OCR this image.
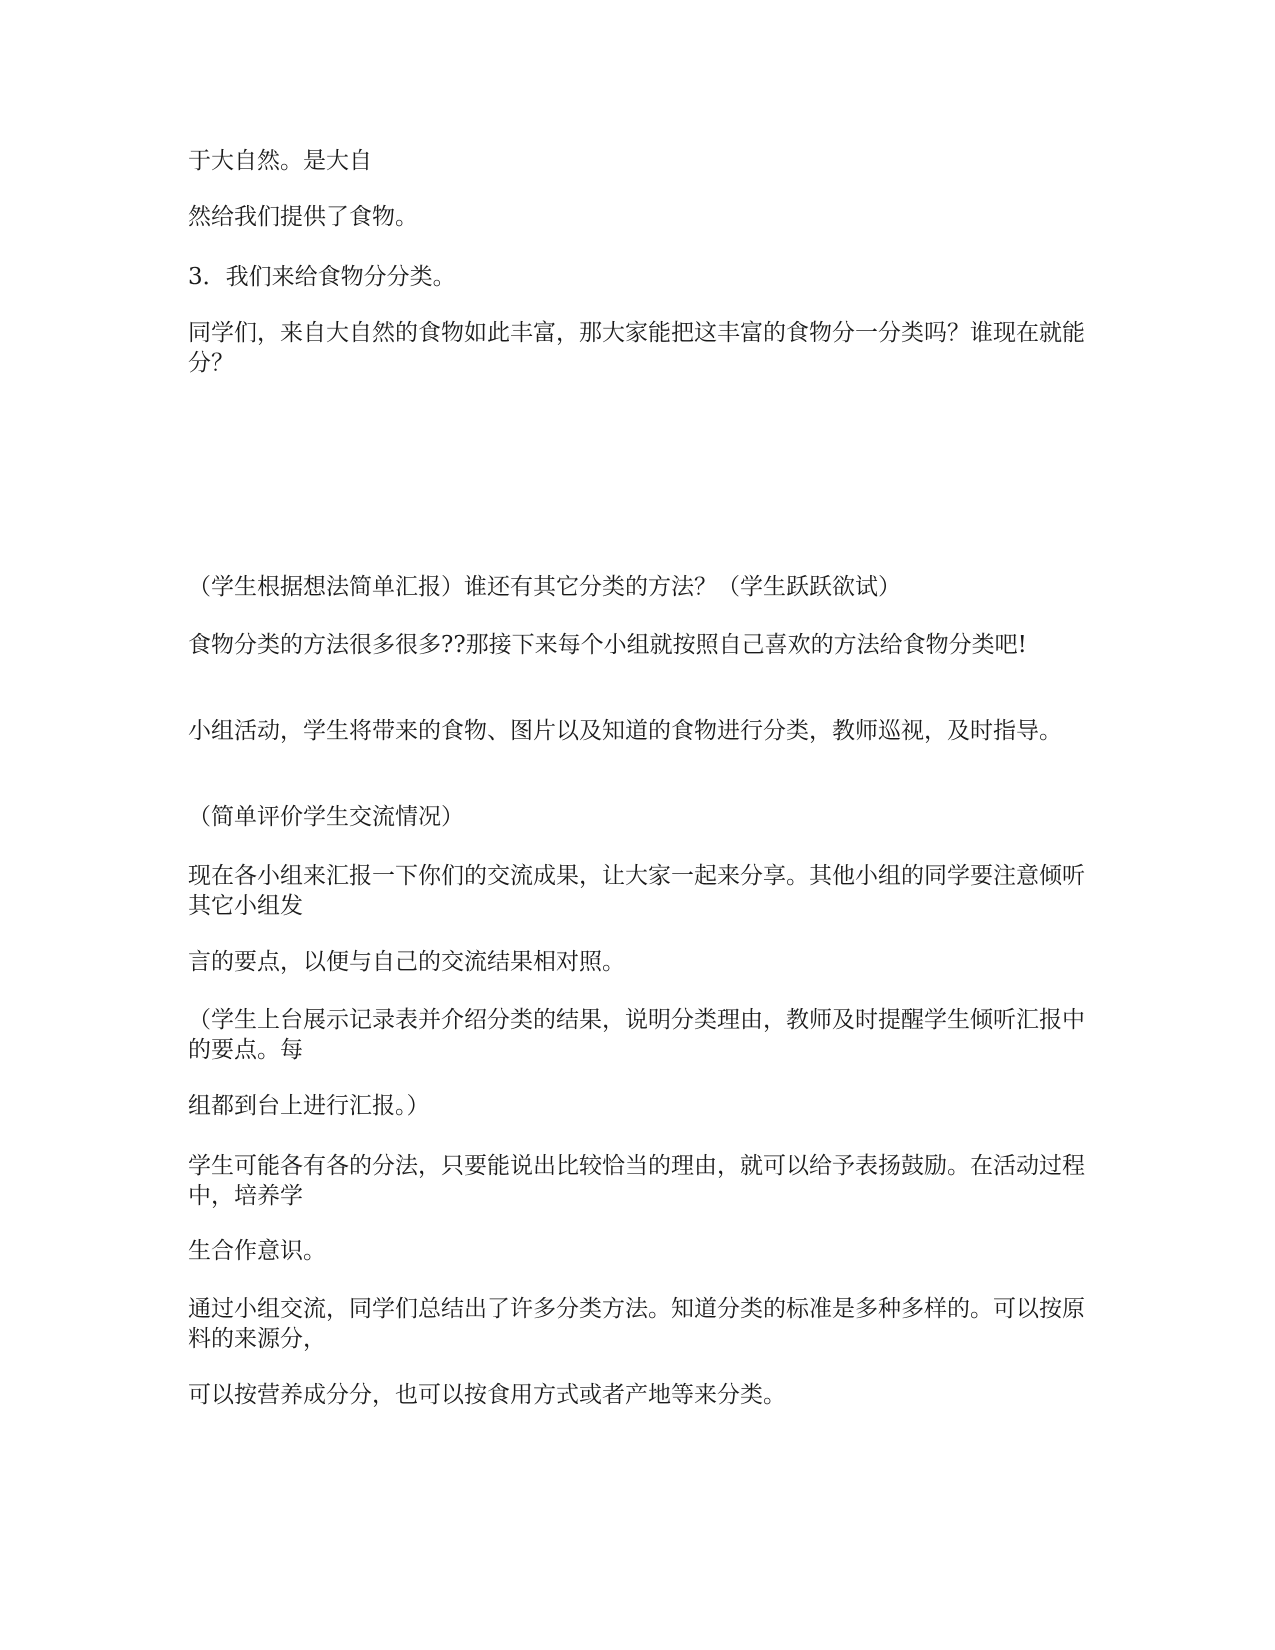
于大自然。是大自

然给我们提供了食物。

3．我们来给食物分分类。

同学们，来自大自然的食物如此丰富，那大家能把这丰富的食物分一分类吗？谁现在就能分？

（学生根据想法简单汇报）谁还有其它分类的方法？（学生跃跃欲试）

食物分类的方法很多很多??那接下来每个小组就按照自己喜欢的方法给食物分类吧!

小组活动，学生将带来的食物、图片以及知道的食物进行分类，教师巡视，及时指导。

（简单评价学生交流情况）

现在各小组来汇报一下你们的交流成果，让大家一起来分享。其他小组的同学要注意倾听其它小组发

言的要点，以便与自己的交流结果相对照。

（学生上台展示记录表并介绍分类的结果，说明分类理由，教师及时提醒学生倾听汇报中的要点。每

组都到台上进行汇报。）

学生可能各有各的分法，只要能说出比较恰当的理由，就可以给予表扬鼓励。在活动过程中，培养学

生合作意识。

通过小组交流，同学们总结出了许多分类方法。知道分类的标准是多种多样的。可以按原料的来源分，

可以按营养成分分，也可以按食用方式或者产地等来分类。
